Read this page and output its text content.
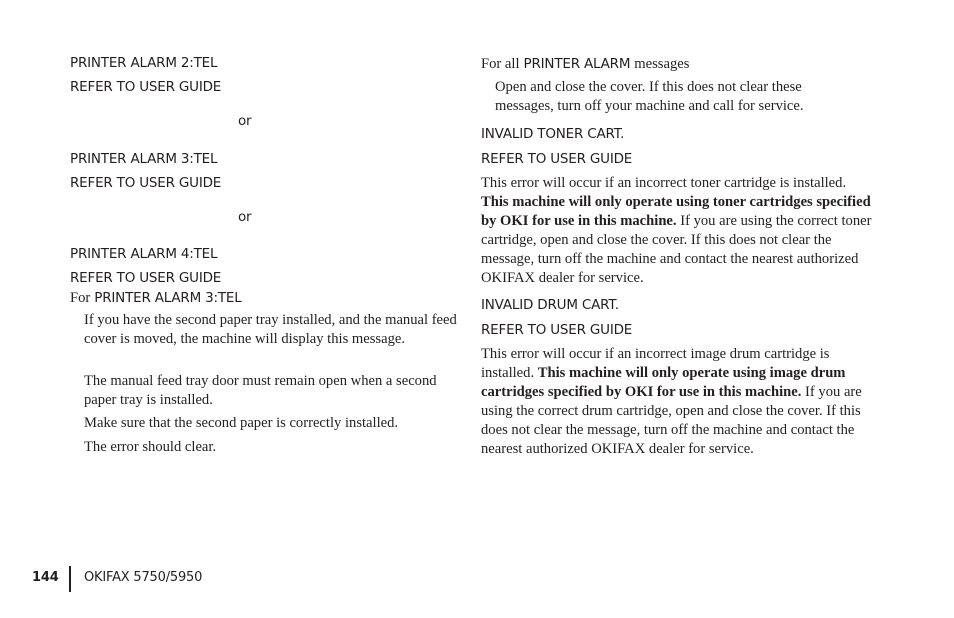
PRINTER ALARM 2:TEL

REFER TO USER GUIDE

or

PRINTER ALARM 3:TEL

REFER TO USER GUIDE

or

PRINTER ALARM 4:TEL

REFER TO USER GUIDE

For PRINTER ALARM 3:TEL

If you have the second paper tray installed, and the manual feed cover is moved, the machine will display this message.

The manual feed tray door must remain open when a second paper tray is installed.

Make sure that the second paper is correctly installed.

The error should clear.

For all PRINTER ALARM messages

Open and close the cover. If this does not clear these messages, turn off your machine and call for service.

INVALID TONER CART.

REFER TO USER GUIDE

This error will occur if an incorrect toner cartridge is installed. This machine will only operate using toner cartridges specified by OKI for use in this machine. If you are using the correct toner cartridge, open and close the cover. If this does not clear the message, turn off the machine and contact the nearest authorized OKIFAX dealer for service.

INVALID DRUM CART.

REFER TO USER GUIDE

This error will occur if an incorrect image drum cartridge is installed. This machine will only operate using image drum cartridges specified by OKI for use in this machine. If you are using the correct drum cartridge, open and close the cover. If this does not clear the message, turn off the machine and contact the nearest authorized OKIFAX dealer for service.

144 OKIFAX 5750/5950
